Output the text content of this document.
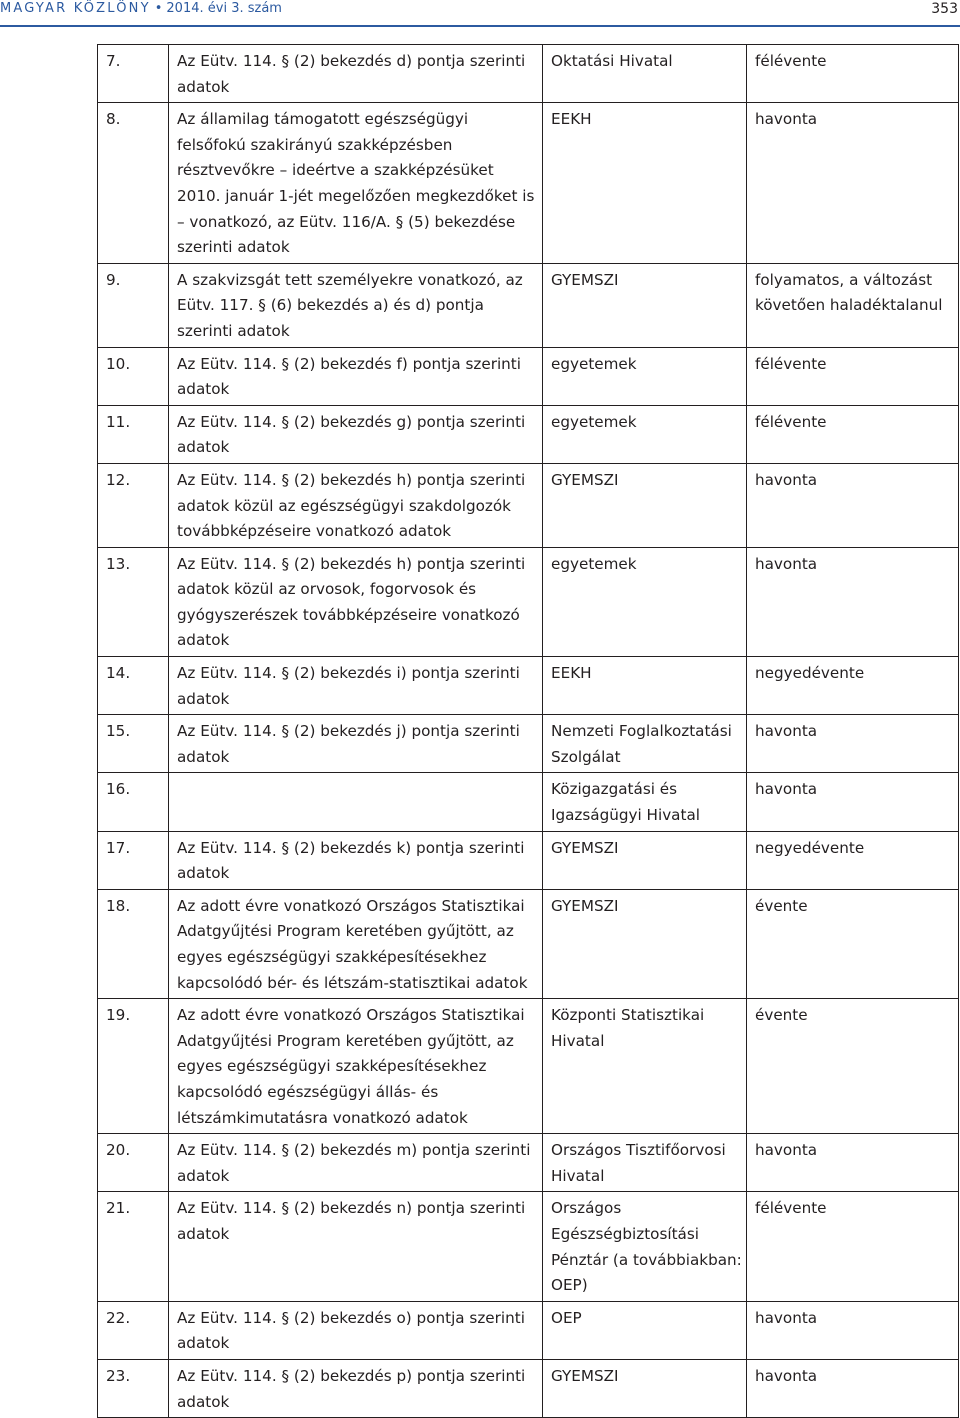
MAGYAR KÖZLÖNY • 2014. évi 3. szám	353
7.	Az Eütv. 114. § (2) bekezdés d) pontja szerinti adatok	Oktatási Hivatal	félévente
8.	Az államilag támogatott egészségügyi felsőfokú szakirányú szakképzésben résztvevőkre – ideértve a szakképzésüket 2010. január 1-jét megelőzően megkezdőket is – vonatkozó, az Eütv. 116/A. § (5) bekezdése szerinti adatok	EEKH	havonta
9.	A szakvizsgát tett személyekre vonatkozó, az Eütv. 117. § (6) bekezdés a) és d) pontja szerinti adatok	GYEMSZI	folyamatos, a változást követően haladéktalanul
10.	Az Eütv. 114. § (2) bekezdés f) pontja szerinti adatok	egyetemek	félévente
11.	Az Eütv. 114. § (2) bekezdés g) pontja szerinti adatok	egyetemek	félévente
12.	Az Eütv. 114. § (2) bekezdés h) pontja szerinti adatok közül az egészségügyi szakdolgozók továbbképzéseire vonatkozó adatok	GYEMSZI	havonta
13.	Az Eütv. 114. § (2) bekezdés h) pontja szerinti adatok közül az orvosok, fogorvosok és gyógyszerészek továbbképzéseire vonatkozó adatok	egyetemek	havonta
14.	Az Eütv. 114. § (2) bekezdés i) pontja szerinti adatok	EEKH	negyedévente
15.	Az Eütv. 114. § (2) bekezdés j) pontja szerinti adatok	Nemzeti Foglalkoztatási Szolgálat	havonta
16.		Közigazgatási és Igazságügyi Hivatal	havonta
17.	Az Eütv. 114. § (2) bekezdés k) pontja szerinti adatok	GYEMSZI	negyedévente
18.	Az adott évre vonatkozó Országos Statisztikai Adatgyűjtési Program keretében gyűjtött, az egyes egészségügyi szakképesítésekhez kapcsolódó bér- és létszám-statisztikai adatok	GYEMSZI	évente
19.	Az adott évre vonatkozó Országos Statisztikai Adatgyűjtési Program keretében gyűjtött, az egyes egészségügyi szakképesítésekhez kapcsolódó egészségügyi állás- és létszámkimutatásra vonatkozó adatok	Központi Statisztikai Hivatal	évente
20.	Az Eütv. 114. § (2) bekezdés m) pontja szerinti adatok	Országos Tisztifőorvosi Hivatal	havonta
21.	Az Eütv. 114. § (2) bekezdés n) pontja szerinti adatok	Országos Egészségbiztosítási Pénztár (a továbbiakban: OEP)	félévente
22.	Az Eütv. 114. § (2) bekezdés o) pontja szerinti adatok	OEP	havonta
23.	Az Eütv. 114. § (2) bekezdés p) pontja szerinti adatok	GYEMSZI	havonta
